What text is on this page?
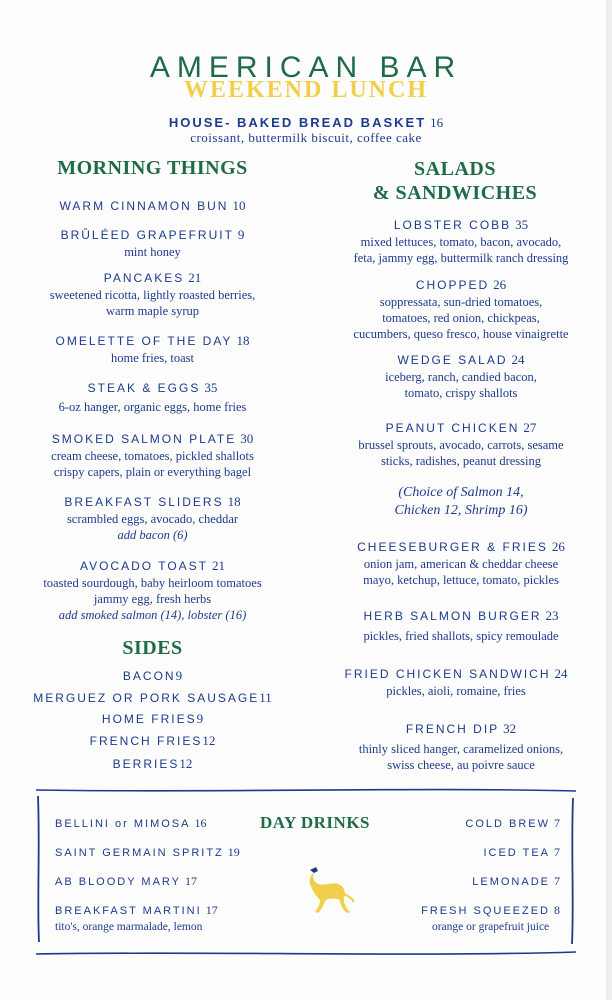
AMERICAN BAR
WEEKEND LUNCH
HOUSE- BAKED BREAD BASKET 16
croissant, buttermilk biscuit, coffee cake
MORNING THINGS
WARM CINNAMON BUN 10
BRÛLÉED GRAPEFRUIT 9
mint honey
PANCAKES 21
sweetened ricotta, lightly roasted berries,
warm maple syrup
OMELETTE OF THE DAY 18
home fries, toast
STEAK & EGGS 35
6-oz hanger, organic eggs, home fries
SMOKED SALMON PLATE 30
cream cheese, tomatoes, pickled shallots
crispy capers, plain or everything bagel
BREAKFAST SLIDERS 18
scrambled eggs, avocado, cheddar
add bacon (6)
AVOCADO TOAST 21
toasted sourdough, baby heirloom tomatoes
jammy egg, fresh herbs
add smoked salmon (14), lobster (16)
SIDES
BACON9
MERGUEZ OR PORK SAUSAGE11
HOME FRIES9
FRENCH FRIES12
BERRIES12
SALADS
& SANDWICHES
LOBSTER COBB 35
mixed lettuces, tomato, bacon, avocado,
feta, jammy egg, buttermilk ranch dressing
CHOPPED 26
soppressata, sun-dried tomatoes,
tomatoes, red onion, chickpeas,
cucumbers, queso fresco, house vinaigrette
WEDGE SALAD 24
iceberg, ranch, candied bacon,
tomato, crispy shallots
PEANUT CHICKEN 27
brussel sprouts, avocado, carrots, sesame
sticks, radishes, peanut dressing
(Choice of Salmon 14,
Chicken 12, Shrimp 16)
CHEESEBURGER & FRIES 26
onion jam, american & cheddar cheese
mayo, ketchup, lettuce, tomato, pickles
HERB SALMON BURGER 23
pickles, fried shallots, spicy remoulade
FRIED CHICKEN SANDWICH 24
pickles, aioli, romaine, fries
FRENCH DIP 32
thinly sliced hanger, caramelized onions,
swiss cheese, au poivre sauce
DAY DRINKS
BELLINI or MIMOSA 16
SAINT GERMAIN SPRITZ 19
AB BLOODY MARY 17
BREAKFAST MARTINI 17
tito's, orange marmalade, lemon
COLD BREW 7
ICED TEA 7
LEMONADE 7
FRESH SQUEEZED 8
orange or grapefruit juice
